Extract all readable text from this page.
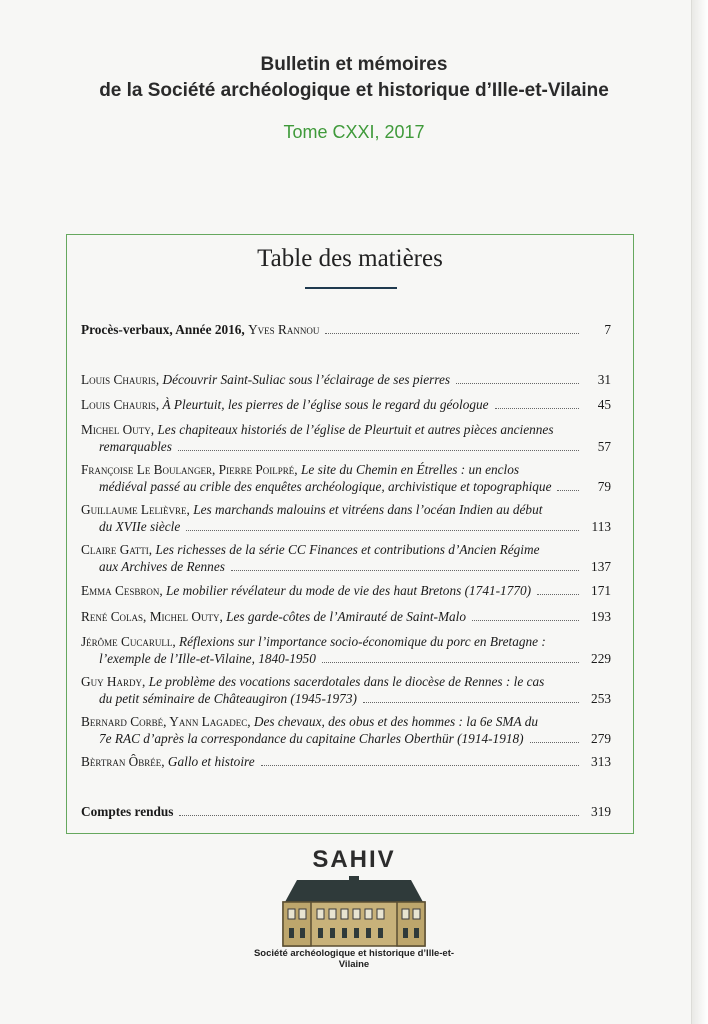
Bulletin et mémoires
de la Société archéologique et historique d’Ille-et-Vilaine
Tome CXXI, 2017
Table des matières
Procès-verbaux, Année 2016,
Yves Rannou	7
Louis Chauris, Découvrir Saint-Suliac sous l’éclairage de ses pierres	31
Louis Chauris, À Pleurtuit, les pierres de l’église sous le regard du géologue	45
Michel Outy, Les chapiteaux historiés de l’église de Pleurtuit et autres pièces anciennes
remarquables	57
Françoise Le Boulanger, Pierre Poilpré, Le site du Chemin en Étrelles : un enclos
médiéval passé au crible des enquêtes archéologique, archivistique et topographique	79
Guillaume Lelièvre, Les marchands malouins et vitréens dans l’océan Indien au début
du XVIIe siècle	113
Claire Gatti, Les richesses de la série CC Finances et contributions d’Ancien Régime
aux Archives de Rennes	137
Emma Cesbron, Le mobilier révélateur du mode de vie des haut Bretons (1741-1770)	171
René Colas, Michel Outy, Les garde-côtes de l’Amirauté de Saint-Malo	193
Jérôme Cucarull, Réflexions sur l’importance socio-économique du porc en Bretagne :
l’exemple de l’Ille-et-Vilaine, 1840-1950	229
Guy Hardy, Le problème des vocations sacerdotales dans le diocèse de Rennes : le cas
du petit séminaire de Châteaugiron (1945-1973)	253
Bernard Corbé, Yann Lagadec, Des chevaux, des obus et des hommes : la 6e SMA du
7e RAC d’après la correspondance du capitaine Charles Oberthür (1914-1918)	279
Bèrtran Ôbrée, Gallo et histoire	313
Comptes rendus	319
SAHIV
Société archéologique et historique d’Ille-et-Vilaine
